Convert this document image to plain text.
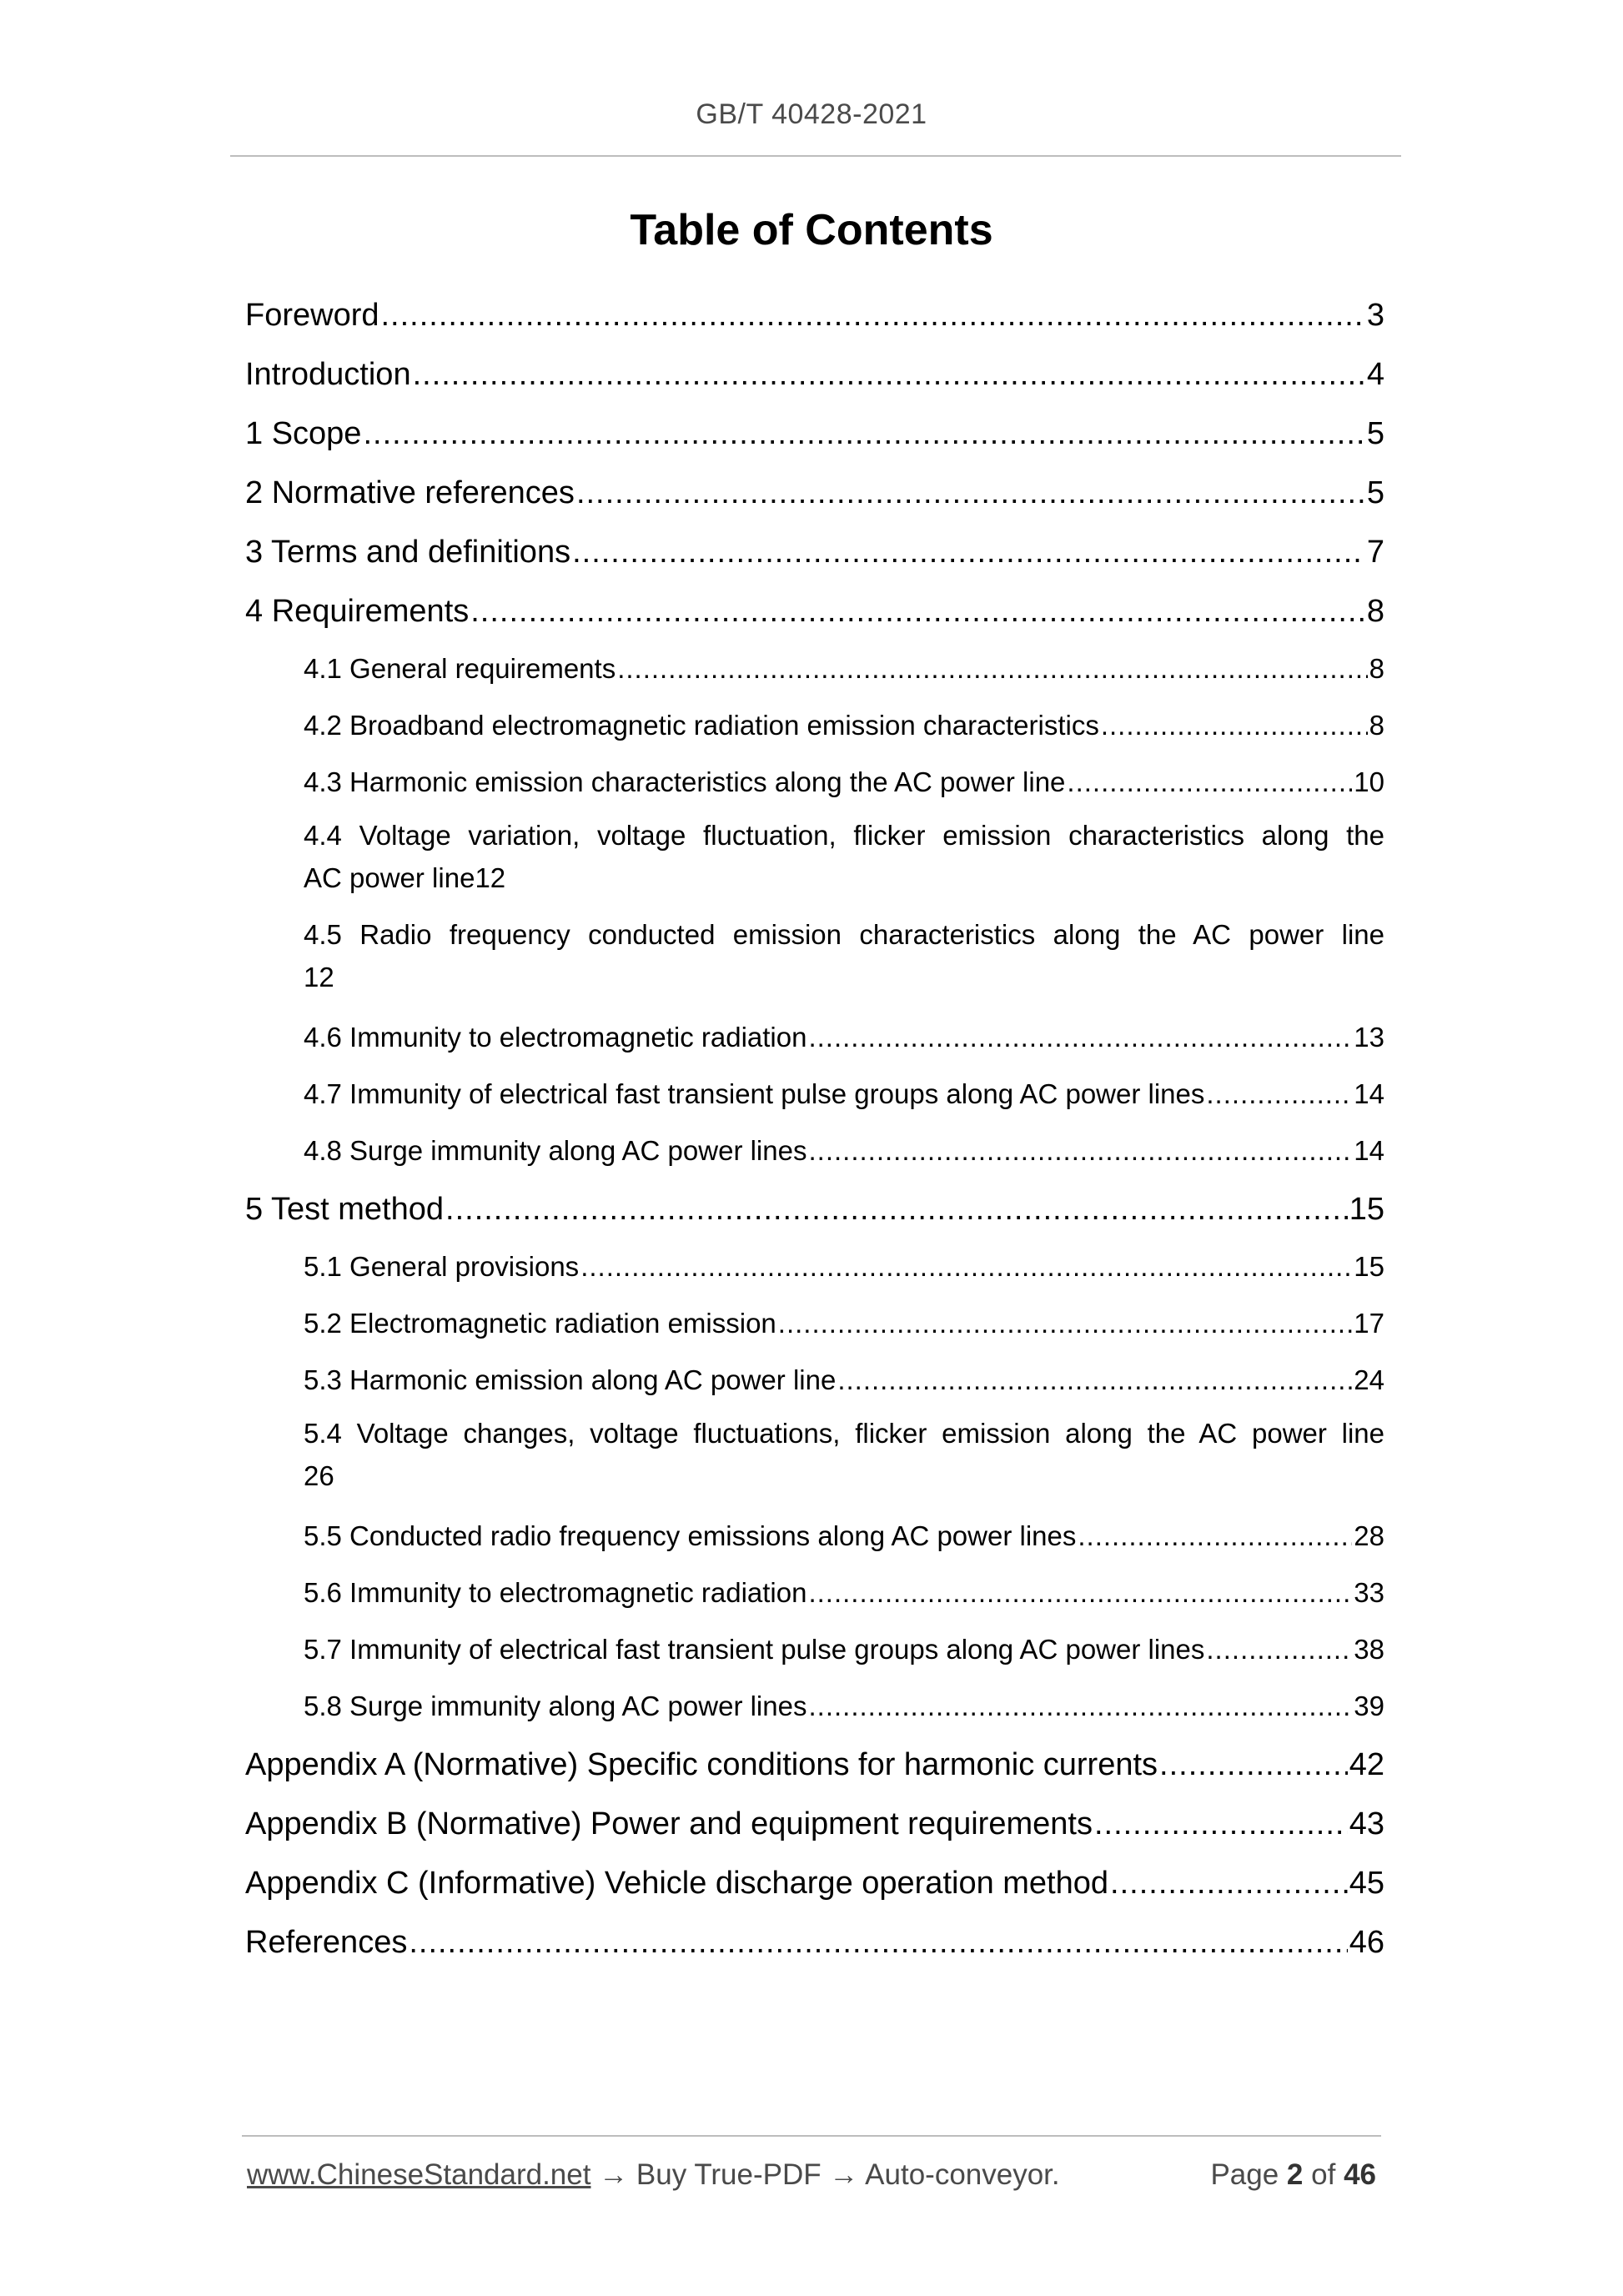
GB/T 40428-2021
Table of Contents
Foreword .....	3
Introduction .....	4
1 Scope .....	5
2 Normative references .....	5
3 Terms and definitions .....	7
4 Requirements .....	8
4.1 General requirements .....	8
4.2 Broadband electromagnetic radiation emission characteristics .....	8
4.3 Harmonic emission characteristics along the AC power line .....	10
4.4 Voltage variation, voltage fluctuation, flicker emission characteristics along the
AC power line 12
4.5 Radio frequency conducted emission characteristics along the AC power line
12
4.6 Immunity to electromagnetic radiation .....	13
4.7 Immunity of electrical fast transient pulse groups along AC power lines .....	14
4.8 Surge immunity along AC power lines .....	14
5 Test method .....	15
5.1 General provisions .....	15
5.2 Electromagnetic radiation emission .....	17
5.3 Harmonic emission along AC power line .....	24
5.4 Voltage changes, voltage fluctuations, flicker emission along the AC power line
26
5.5 Conducted radio frequency emissions along AC power lines .....	28
5.6 Immunity to electromagnetic radiation .....	33
5.7 Immunity of electrical fast transient pulse groups along AC power lines .....	38
5.8 Surge immunity along AC power lines .....	39
Appendix A (Normative) Specific conditions for harmonic currents .....	42
Appendix B (Normative) Power and equipment requirements .....	43
Appendix C (Informative) Vehicle discharge operation method .....	45
References .....	46
www.ChineseStandard.net → Buy True-PDF → Auto-conveyor.	Page 2 of 46
